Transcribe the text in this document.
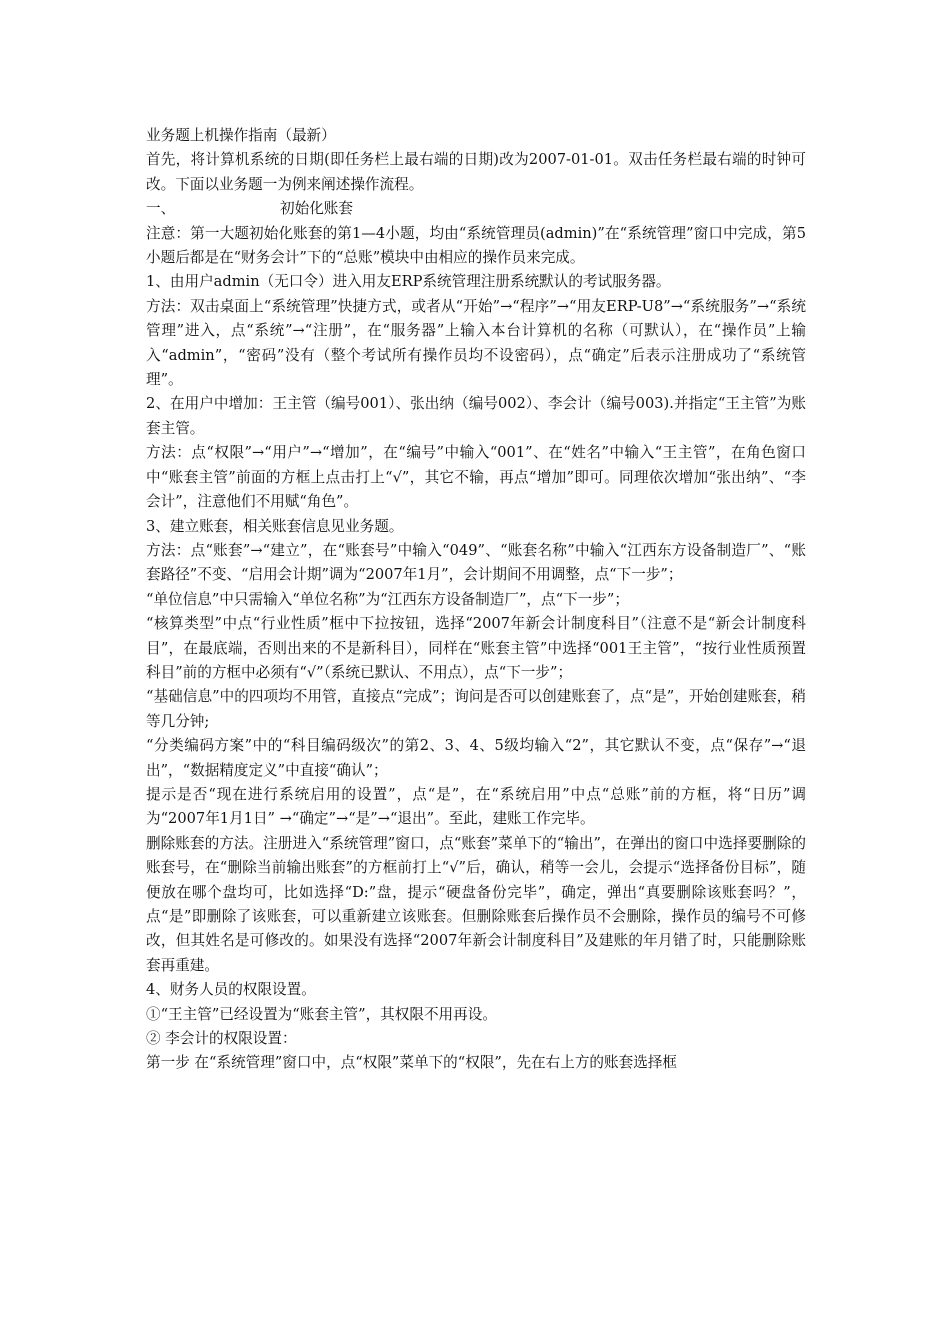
业务题上机操作指南（最新）

首先，将计算机系统的日期(即任务栏上最右端的日期)改为2007-01-01。双击任务栏最右端的时钟可改。下面以业务题一为例来阐述操作流程。

一、	初始化账套

注意：第一大题初始化账套的第1—4小题，均由“系统管理员(admin)”在“系统管理”窗口中完成，第5小题后都是在“财务会计”下的“总账”模块中由相应的操作员来完成。

1、由用户admin（无口令）进入用友ERP系统管理注册系统默认的考试服务器。

方法：双击桌面上“系统管理”快捷方式，或者从“开始”→“程序”→“用友ERP-U8”→“系统服务”→“系统管理”进入，点“系统”→“注册”，在“服务器”上输入本台计算机的名称（可默认），在“操作员”上输入“admin”，“密码”没有（整个考试所有操作员均不设密码），点“确定”后表示注册成功了“系统管理”。

2、在用户中增加：王主管（编号001）、张出纳（编号002）、李会计（编号003).并指定“王主管”为账套主管。

方法：点“权限”→“用户”→“增加”，在“编号”中输入“001”、在“姓名”中输入“王主管”，在角色窗口中“账套主管”前面的方框上点击打上“√”，其它不输，再点“增加”即可。同理依次增加“张出纳”、“李会计”，注意他们不用赋“角色”。

3、建立账套，相关账套信息见业务题。

方法：点“账套”→“建立”，在“账套号”中输入“049”、“账套名称”中输入“江西东方设备制造厂”、“账套路径”不变、“启用会计期”调为“2007年1月”，会计期间不用调整，点“下一步”；

“单位信息”中只需输入“单位名称”为“江西东方设备制造厂”，点“下一步”；

“核算类型”中点“行业性质”框中下拉按钮，选择“2007年新会计制度科目”（注意不是“新会计制度科目”，在最底端，否则出来的不是新科目），同样在“账套主管”中选择“001王主管”，“按行业性质预置科目”前的方框中必须有“√”（系统已默认、不用点），点“下一步”；

“基础信息”中的四项均不用管，直接点“完成”；询问是否可以创建账套了，点“是”，开始创建账套，稍等几分钟;

“分类编码方案”中的“科目编码级次”的第2、3、4、5级均输入“2”，其它默认不变，点“保存”→“退出”，“数据精度定义”中直接“确认”；

提示是否“现在进行系统启用的设置”，点“是”，在“系统启用”中点“总账”前的方框，将“日历”调为“2007年1月1日” →“确定”→“是”→“退出”。至此，建账工作完毕。

删除账套的方法。注册进入“系统管理”窗口，点“账套”菜单下的“输出”，在弹出的窗口中选择要删除的账套号，在“删除当前输出账套”的方框前打上“√”后，确认，稍等一会儿，会提示“选择备份目标”，随便放在哪个盘均可，比如选择“D:”盘，提示“硬盘备份完毕”，确定，弹出“真要删除该账套吗？”，点“是”即删除了该账套，可以重新建立该账套。但删除账套后操作员不会删除，操作员的编号不可修改，但其姓名是可修改的。如果没有选择“2007年新会计制度科目”及建账的年月错了时，只能删除账套再重建。

4、财务人员的权限设置。

①“王主管”已经设置为“账套主管”，其权限不用再设。

② 李会计的权限设置：

第一步 在“系统管理”窗口中，点“权限”菜单下的“权限”，先在右上方的账套选择框
